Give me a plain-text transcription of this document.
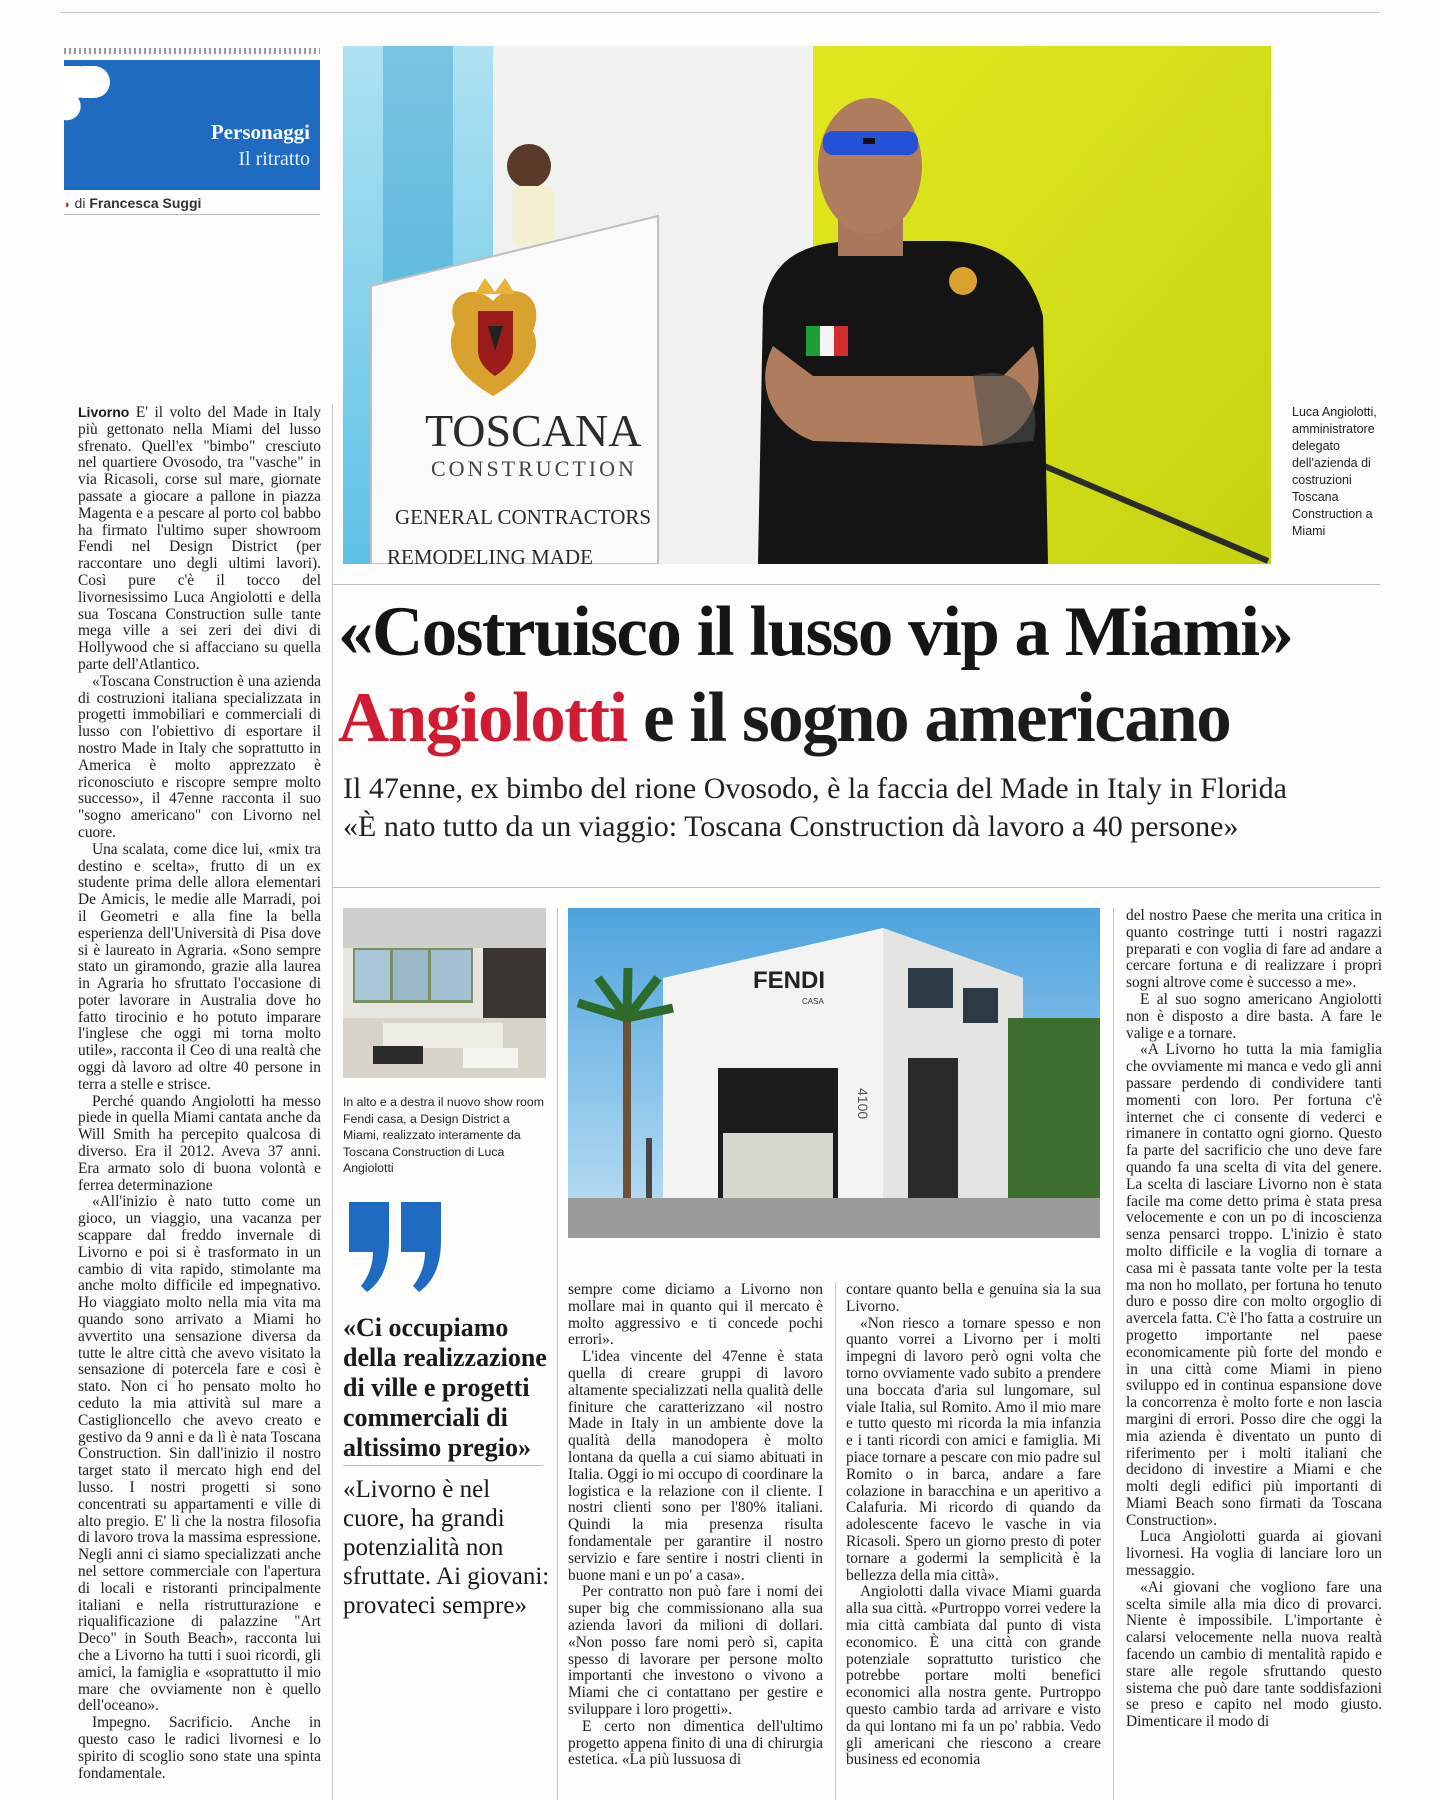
Personaggi
Il ritratto
◗ di Francesca Suggi
TOSCANA
CONSTRUCTION
GENERAL CONTRACTORS
REMODELING MADE
Luca Angiolotti, amministratore delegato dell'azienda di costruzioni Toscana Construction a Miami
«Costruisco il lusso vip a Miami»
Angiolotti e il sogno americano
Il 47enne, ex bimbo del rione Ovosodo, è la faccia del Made in Italy in Florida
«È nato tutto da un viaggio: Toscana Construction dà lavoro a 40 persone»

Livorno E' il volto del Made in Italy più gettonato nella Miami del lusso sfrenato. Quell'ex "bimbo" cresciuto nel quartiere Ovosodo, tra "vasche" in via Ricasoli, corse sul mare, giornate passate a giocare a pallone in piazza Magenta e a pescare al porto col babbo ha firmato l'ultimo super showroom Fendi nel Design District (per raccontare uno degli ultimi lavori). Così pure c'è il tocco del livornesissimo Luca Angiolotti e della sua Toscana Construction sulle tante mega ville a sei zeri dei divi di Hollywood che si affacciano su quella parte dell'Atlantico.

«Toscana Construction è una azienda di costruzioni italiana specializzata in progetti immobiliari e commerciali di lusso con l'obiettivo di esportare il nostro Made in Italy che soprattutto in America è molto apprezzato è riconosciuto e riscopre sempre molto successo», il 47enne racconta il suo "sogno americano" con Livorno nel cuore.

Una scalata, come dice lui, «mix tra destino e scelta», frutto di un ex studente prima delle allora elementari De Amicis, le medie alle Marradi, poi il Geometri e alla fine la bella esperienza dell'Università di Pisa dove si è laureato in Agraria. «Sono sempre stato un giramondo, grazie alla laurea in Agraria ho sfruttato l'occasione di poter lavorare in Australia dove ho fatto tirocinio e ho potuto imparare l'inglese che oggi mi torna molto utile», racconta il Ceo di una realtà che oggi dà lavoro ad oltre 40 persone in terra a stelle e strisce.

Perché quando Angiolotti ha messo piede in quella Miami cantata anche da Will Smith ha percepito qualcosa di diverso. Era il 2012. Aveva 37 anni. Era armato solo di buona volontà e ferrea determinazione

«All'inizio è nato tutto come un gioco, un viaggio, una vacanza per scappare dal freddo invernale di Livorno e poi si è trasformato in un cambio di vita rapido, stimolante ma anche molto difficile ed impegnativo. Ho viaggiato molto nella mia vita ma quando sono arrivato a Miami ho avvertito una sensazione diversa da tutte le altre città che avevo visitato la sensazione di potercela fare e così è stato. Non ci ho pensato molto ho ceduto la mia attività sul mare a Castiglioncello che avevo creato e gestivo da 9 anni e da lì è nata Toscana Construction. Sin dall'inizio il nostro target stato il mercato high end del lusso. I nostri progetti si sono concentrati su appartamenti e ville di alto pregio. E' lì che la nostra filosofia di lavoro trova la massima espressione. Negli anni ci siamo specializzati anche nel settore commerciale con l'apertura di locali e ristoranti principalmente italiani e nella ristrutturazione e riqualificazione di palazzine "Art Deco" in South Beach», racconta lui che a Livorno ha tutti i suoi ricordi, gli amici, la famiglia e «soprattutto il mio mare che ovviamente non è quello dell'oceano».

Impegno. Sacrificio. Anche in questo caso le radici livornesi e lo spirito di scoglio sono state una spinta fondamentale.

In alto e a destra il nuovo show room Fendi casa, a Design District a Miami, realizzato interamente da Toscana Construction di Luca Angiolotti
«Ci occupiamo della realizzazione di ville e progetti commerciali di altissimo pregio»
«Livorno è nel cuore, ha grandi potenzialità non sfruttate. Ai giovani: provateci sempre»
FENDI
CASA
4100

sempre come diciamo a Livorno non mollare mai in quanto qui il mercato è molto aggressivo e ti concede pochi errori».

L'idea vincente del 47enne è stata quella di creare gruppi di lavoro altamente specializzati nella qualità delle finiture che caratterizzano «il nostro Made in Italy in un ambiente dove la qualità della manodopera è molto lontana da quella a cui siamo abituati in Italia. Oggi io mi occupo di coordinare la logistica e la relazione con il cliente. I nostri clienti sono per l'80% italiani. Quindi la mia presenza risulta fondamentale per garantire il nostro servizio e fare sentire i nostri clienti in buone mani e un po' a casa».

Per contratto non può fare i nomi dei super big che commissionano alla sua azienda lavori da milioni di dollari. «Non posso fare nomi però sì, capita spesso di lavorare per persone molto importanti che investono o vivono a Miami che ci contattano per gestire e sviluppare i loro progetti».

E certo non dimentica dell'ultimo progetto appena finito di una di chirurgia estetica. «La più lussuosa di

contare quanto bella e genuina sia la sua Livorno.

«Non riesco a tornare spesso e non quanto vorrei a Livorno per i molti impegni di lavoro però ogni volta che torno ovviamente vado subito a prendere una boccata d'aria sul lungomare, sul viale Italia, sul Romito. Amo il mio mare e tutto questo mi ricorda la mia infanzia e i tanti ricordi con amici e famiglia. Mi piace tornare a pescare con mio padre sul Romito o in barca, andare a fare colazione in baracchina e un aperitivo a Calafuria. Mi ricordo di quando da adolescente facevo le vasche in via Ricasoli. Spero un giorno presto di poter tornare a godermi la semplicità è la bellezza della mia città».

Angiolotti dalla vivace Miami guarda alla sua città. «Purtroppo vorrei vedere la mia città cambiata dal punto di vista economico. È una città con grande potenziale soprattutto turistico che potrebbe portare molti benefici economici alla nostra gente. Purtroppo questo cambio tarda ad arrivare e visto da qui lontano mi fa un po' rabbia. Vedo gli americani che riescono a creare business ed economia

del nostro Paese che merita una critica in quanto costringe tutti i nostri ragazzi preparati e con voglia di fare ad andare a cercare fortuna e di realizzare i propri sogni altrove come è successo a me».

E al suo sogno americano Angiolotti non è disposto a dire basta. A fare le valige e a tornare.

«A Livorno ho tutta la mia famiglia che ovviamente mi manca e vedo gli anni passare perdendo di condividere tanti momenti con loro. Per fortuna c'è internet che ci consente di vederci e rimanere in contatto ogni giorno. Questo fa parte del sacrificio che uno deve fare quando fa una scelta di vita del genere. La scelta di lasciare Livorno non è stata facile ma come detto prima è stata presa velocemente e con un po di incoscienza senza pensarci troppo. L'inizio è stato molto difficile e la voglia di tornare a casa mi è passata tante volte per la testa ma non ho mollato, per fortuna ho tenuto duro e posso dire con molto orgoglio di avercela fatta. C'è l'ho fatta a costruire un progetto importante nel paese economicamente più forte del mondo e in una città come Miami in pieno sviluppo ed in continua espansione dove la concorrenza è molto forte e non lascia margini di errori. Posso dire che oggi la mia azienda è diventato un punto di riferimento per i molti italiani che decidono di investire a Miami e che molti degli edifici più importanti di Miami Beach sono firmati da Toscana Construction».

Luca Angiolotti guarda ai giovani livornesi. Ha voglia di lanciare loro un messaggio.

«Ai giovani che vogliono fare una scelta simile alla mia dico di provarci. Niente è impossibile. L'importante è calarsi velocemente nella nuova realtà facendo un cambio di mentalità rapido e stare alle regole sfruttando questo sistema che può dare tante soddisfazioni se preso e capito nel modo giusto. Dimenticare il modo di
